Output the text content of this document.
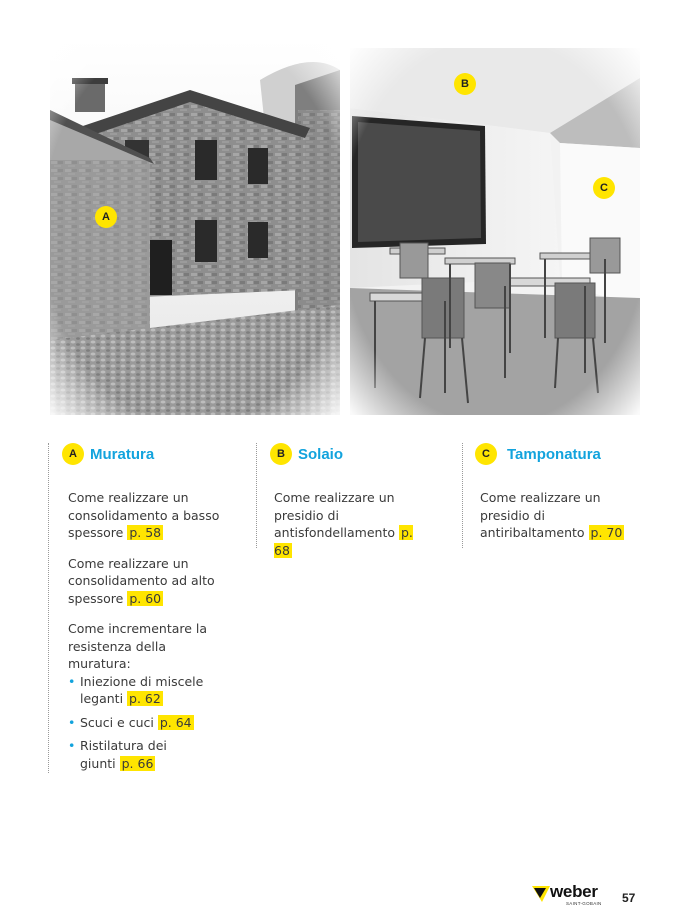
A
B
C
A Muratura

Come realizzare un consolidamento a basso spessore p. 58

Come realizzare un consolidamento ad alto spessore p. 60

Come incrementare la resistenza della muratura:

• Iniezione di miscele leganti p. 62
• Scuci e cuci p. 64
• Ristilatura dei giunti p. 66
B Solaio

Come realizzare un presidio di antisfondellamento p. 68

C	Tamponatura

Come realizzare un presidio di antiribaltamento p. 70

weber
SAINT-GOBAIN 57
